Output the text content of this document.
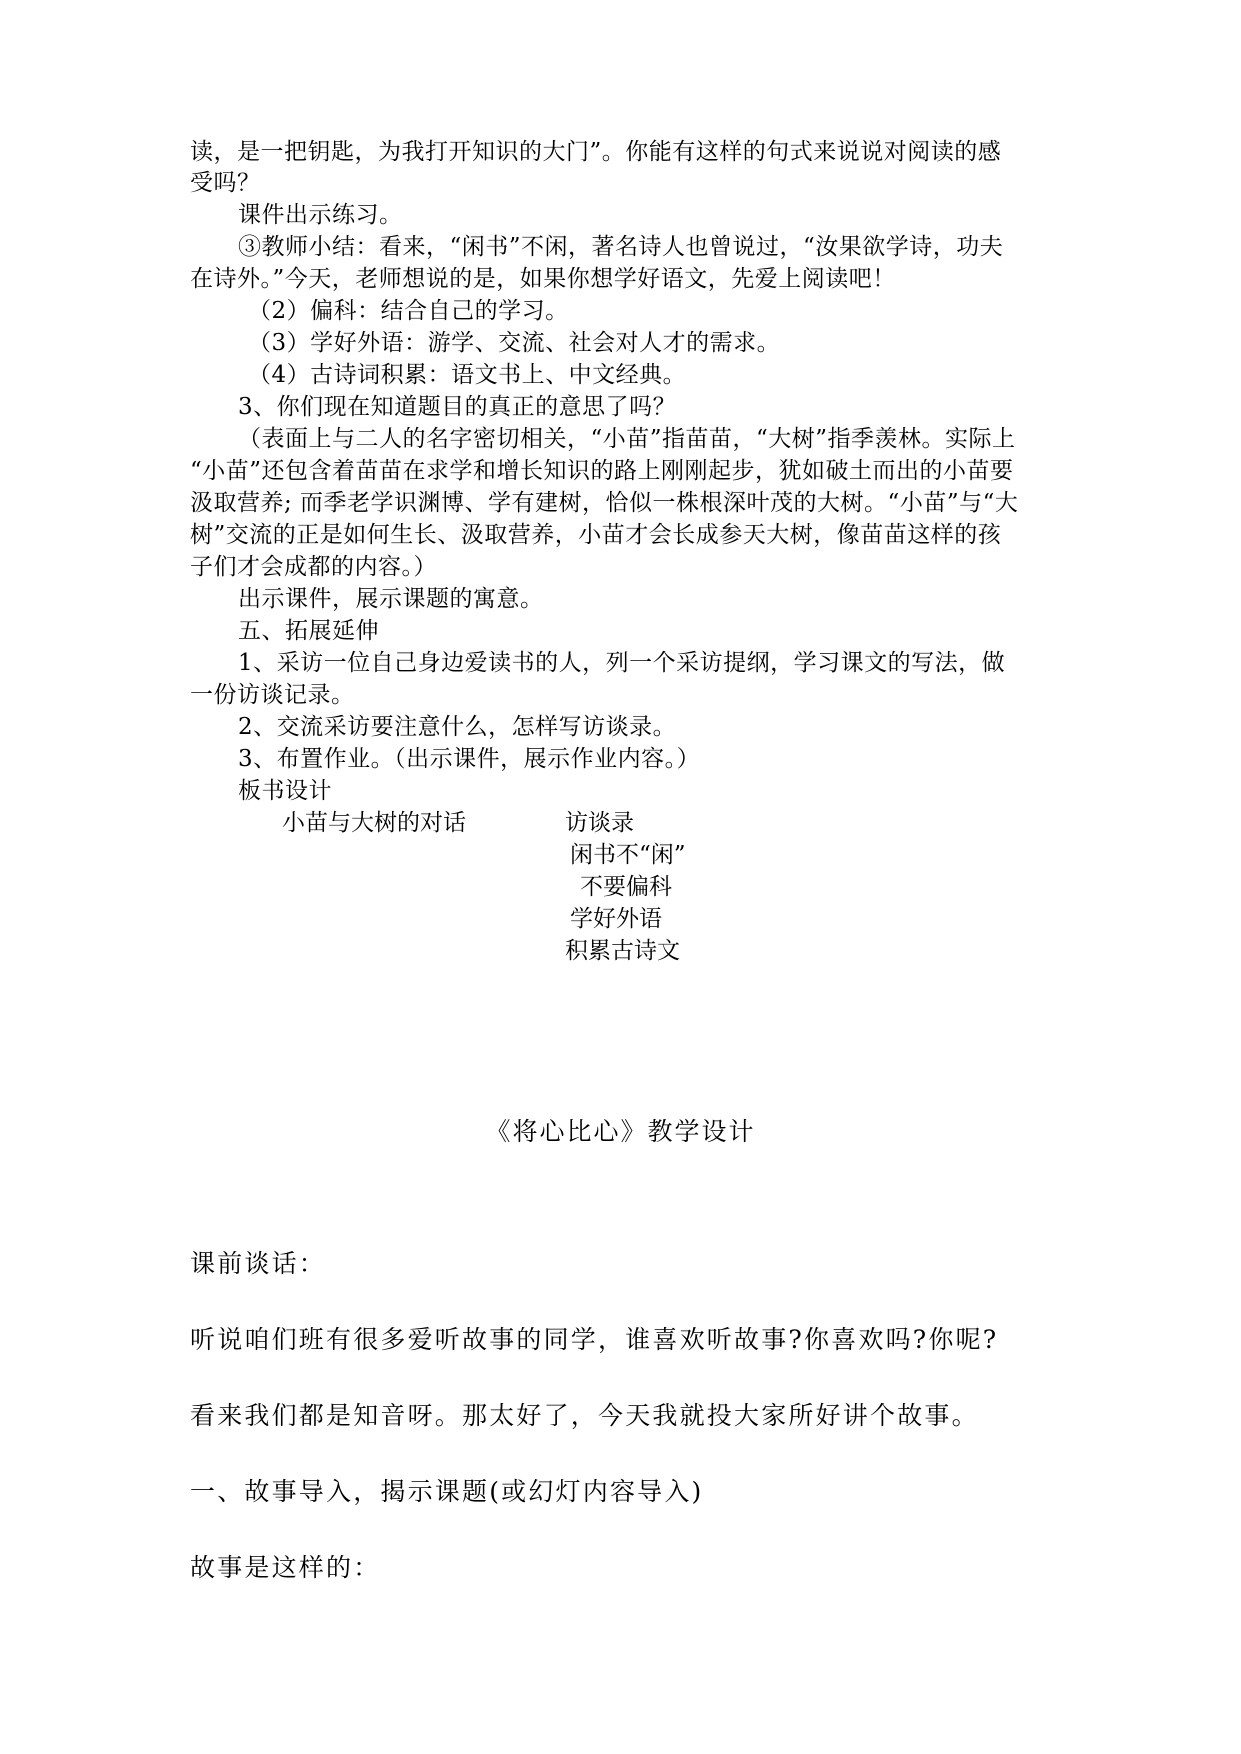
读，是一把钥匙，为我打开知识的大门”。你能有这样的句式来说说对阅读的感
受吗？
课件出示练习。
③教师小结：看来，“闲书”不闲，著名诗人也曾说过，“汝果欲学诗，功夫
在诗外。”今天，老师想说的是，如果你想学好语文，先爱上阅读吧！
（2）偏科：结合自己的学习。
（3）学好外语：游学、交流、社会对人才的需求。
（4）古诗词积累：语文书上、中文经典。
3、你们现在知道题目的真正的意思了吗？
（表面上与二人的名字密切相关，“小苗”指苗苗，“大树”指季羡林。实际上
“小苗”还包含着苗苗在求学和增长知识的路上刚刚起步，犹如破土而出的小苗要
汲取营养; 而季老学识渊博、学有建树，恰似一株根深叶茂的大树。“小苗”与“大
树”交流的正是如何生长、汲取营养，小苗才会长成参天大树，像苗苗这样的孩
子们才会成都的内容。）
出示课件，展示课题的寓意。
五、拓展延伸
1、采访一位自己身边爱读书的人，列一个采访提纲，学习课文的写法，做
一份访谈记录。
2、交流采访要注意什么，怎样写访谈录。
3、布置作业。（出示课件，展示作业内容。）
板书设计
小苗与大树的对话	访谈录
闲书不“闲”
不要偏科
学好外语
积累古诗文
《将心比心》教学设计
课前谈话：
听说咱们班有很多爱听故事的同学，谁喜欢听故事?你喜欢吗?你呢?
看来我们都是知音呀。那太好了，今天我就投大家所好讲个故事。
一、故事导入，揭示课题(或幻灯内容导入)
故事是这样的：
